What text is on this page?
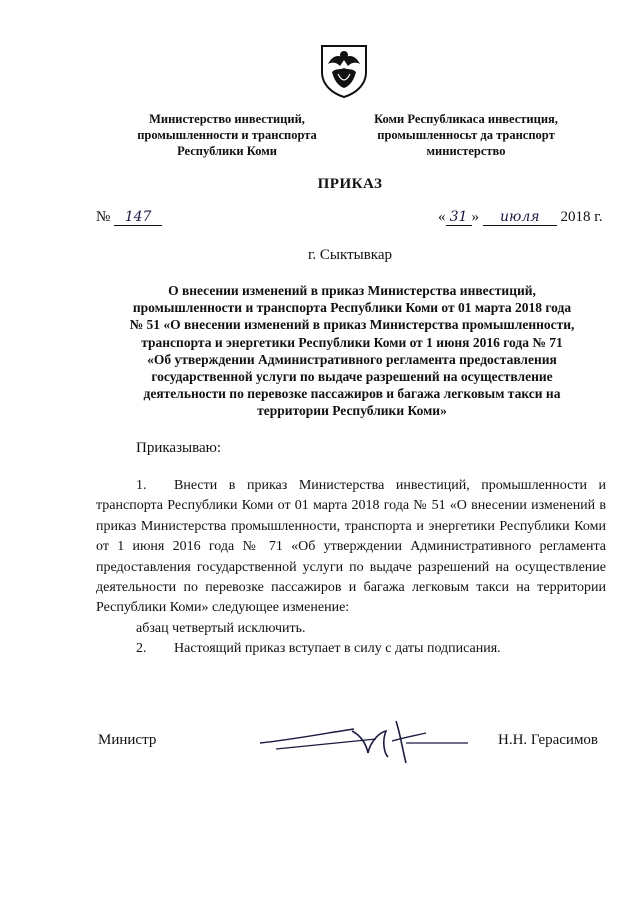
Министерство инвестиций,
промышленности и транспорта
Республики Коми
Коми Республикаса инвестиция,
промышленносьт да транспорт
министерство
ПРИКАЗ
№ 147	« 31 » июля 2018 г.
г. Сыктывкар
О внесении изменений в приказ Министерства инвестиций,
промышленности и транспорта Республики Коми от 01 марта 2018 года
№ 51 «О внесении изменений в приказ Министерства промышленности,
транспорта и энергетики Республики Коми от 1 июня 2016 года № 71
«Об утверждении Административного регламента предоставления
государственной услуги по выдаче разрешений на осуществление
деятельности по перевозке пассажиров и багажа легковым такси на
территории Республики Коми»
Приказываю:
1. Внести в приказ Министерства инвестиций, промышленности и транспорта Республики Коми от 01 марта 2018 года № 51 «О внесении изменений в приказ Министерства промышленности, транспорта и энергетики Республики Коми от 1 июня 2016 года № 71 «Об утверждении Административного регламента предоставления государственной услуги по выдаче разрешений на осуществление деятельности по перевозке пассажиров и багажа легковым такси на территории Республики Коми» следующее изменение:
абзац четвертый исключить.
2. Настоящий приказ вступает в силу с даты подписания.
Министр	Н.Н. Герасимов
